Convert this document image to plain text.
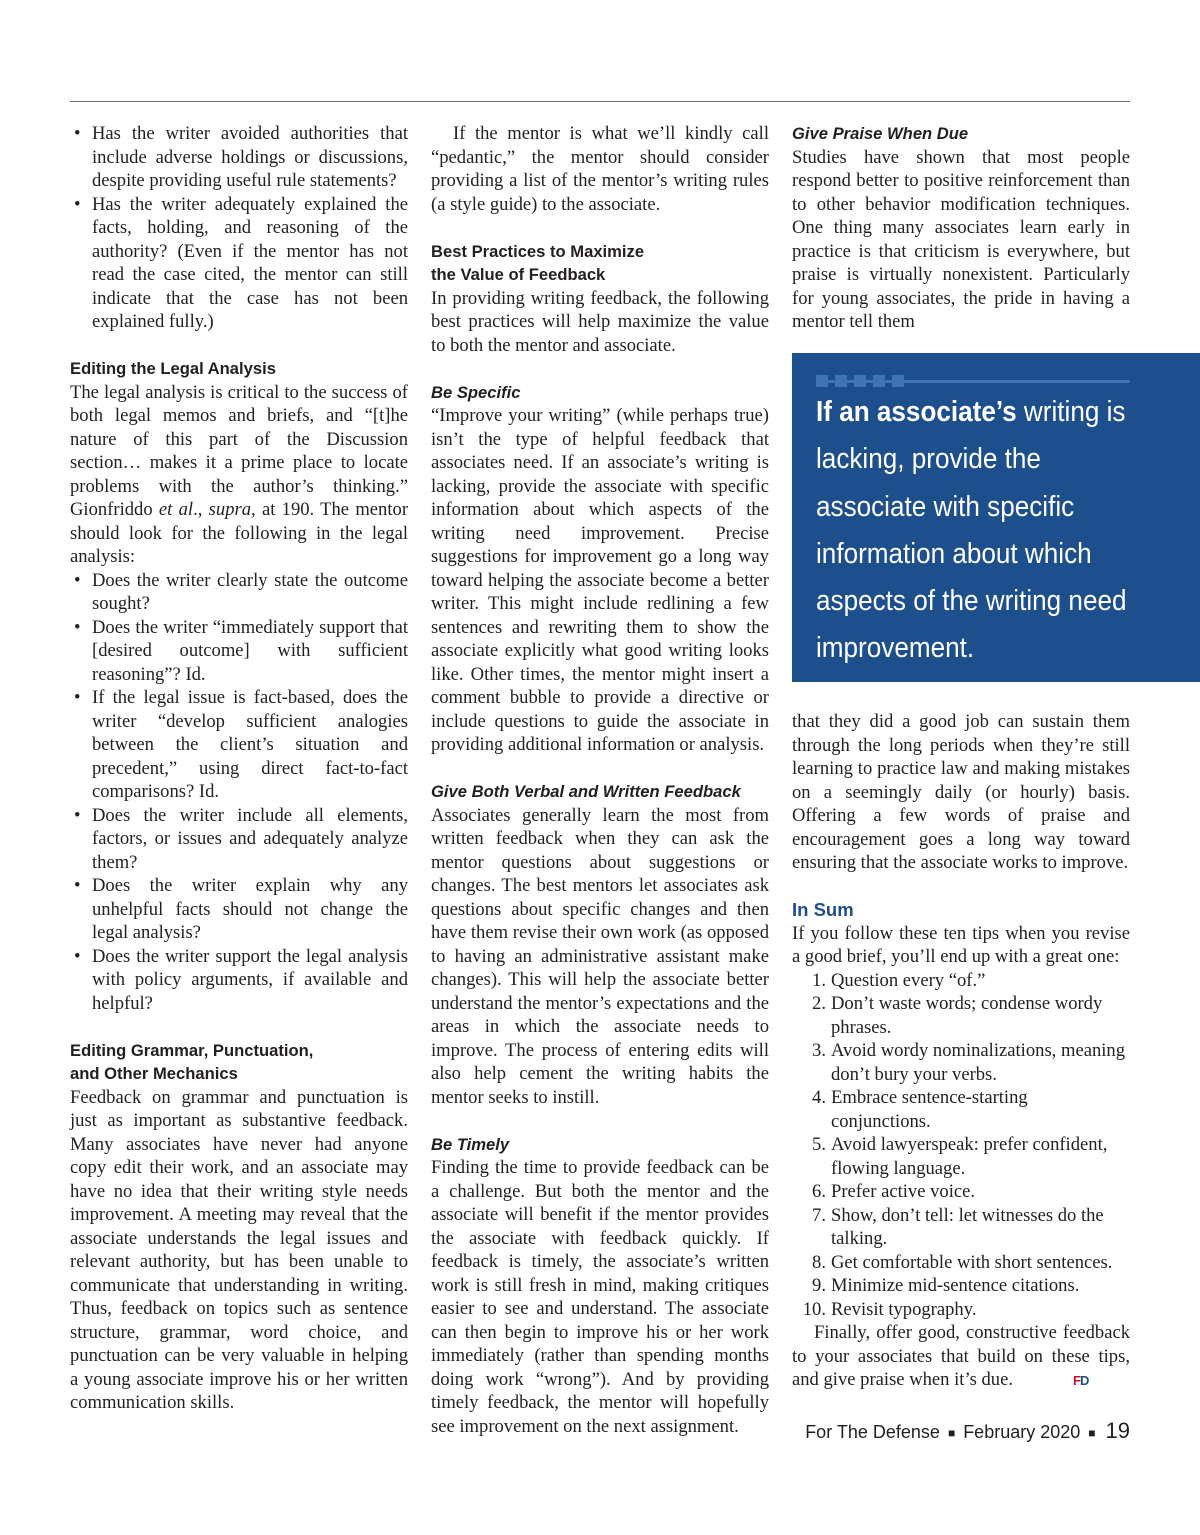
• Has the writer avoided authorities that include adverse holdings or discussions, despite providing useful rule statements?
• Has the writer adequately explained the facts, holding, and reasoning of the authority? (Even if the mentor has not read the case cited, the mentor can still indicate that the case has not been explained fully.)
Editing the Legal Analysis

The legal analysis is critical to the success of both legal memos and briefs, and “[t]he nature of this part of the Discussion section… makes it a prime place to locate problems with the author’s thinking.” Gionfriddo et al., supra, at 190. The mentor should look for the following in the legal analysis:

• Does the writer clearly state the outcome sought?
• Does the writer “immediately support that [desired outcome] with sufficient reasoning”? Id.
• If the legal issue is fact-based, does the writer “develop sufficient analogies between the client’s situation and precedent,” using direct fact-to-fact comparisons? Id.
• Does the writer include all elements, factors, or issues and adequately analyze them?
• Does the writer explain why any unhelpful facts should not change the legal analysis?
• Does the writer support the legal analysis with policy arguments, if available and helpful?
Editing Grammar, Punctuation,
and Other Mechanics

Feedback on grammar and punctuation is just as important as substantive feedback. Many associates have never had anyone copy edit their work, and an associate may have no idea that their writing style needs improvement. A meeting may reveal that the associate understands the legal issues and relevant authority, but has been unable to communicate that understanding in writing. Thus, feedback on topics such as sentence structure, grammar, word choice, and punctuation can be very valuable in helping a young associate improve his or her written communication skills.

If the mentor is what we’ll kindly call “pedantic,” the mentor should consider providing a list of the mentor’s writing rules (a style guide) to the associate.

Best Practices to Maximize
the Value of Feedback

In providing writing feedback, the following best practices will help maximize the value to both the mentor and associate.

Be Specific

“Improve your writing” (while perhaps true) isn’t the type of helpful feedback that associates need. If an associate’s writing is lacking, provide the associate with specific information about which aspects of the writing need improvement. Precise suggestions for improvement go a long way toward helping the associate become a better writer. This might include redlining a few sentences and rewriting them to show the associate explicitly what good writing looks like. Other times, the mentor might insert a comment bubble to provide a directive or include questions to guide the associate in providing additional information or analysis.

Give Both Verbal and Written Feedback

Associates generally learn the most from written feedback when they can ask the mentor questions about suggestions or changes. The best mentors let associates ask questions about specific changes and then have them revise their own work (as opposed to having an administrative assistant make changes). This will help the associate better understand the mentor’s expectations and the areas in which the associate needs to improve. The process of entering edits will also help cement the writing habits the mentor seeks to instill.

Be Timely

Finding the time to provide feedback can be a challenge. But both the mentor and the associate will benefit if the mentor provides the associate with feedback quickly. If feedback is timely, the associate’s written work is still fresh in mind, making critiques easier to see and understand. The associate can then begin to improve his or her work immediately (rather than spending months doing work “wrong”). And by providing timely feedback, the mentor will hopefully see improvement on the next assignment.

Give Praise When Due

Studies have shown that most people respond better to positive reinforcement than to other behavior modification techniques. One thing many associates learn early in practice is that criticism is everywhere, but praise is virtually nonexistent. Particularly for young associates, the pride in having a mentor tell them

If an associate’s writing is lacking, provide the associate with specific information about which aspects of the writing need improvement.

that they did a good job can sustain them through the long periods when they’re still learning to practice law and making mistakes on a seemingly daily (or hourly) basis. Offering a few words of praise and encouragement goes a long way toward ensuring that the associate works to improve.

In Sum

If you follow these ten tips when you revise a good brief, you’ll end up with a great one:

1. Question every “of.”
2. Don’t waste words; condense wordy phrases.
3. Avoid wordy nominalizations, meaning don’t bury your verbs.
4. Embrace sentence-starting conjunctions.
5. Avoid lawyerspeak: prefer confident, flowing language.
6. Prefer active voice.
7. Show, don’t tell: let witnesses do the talking.
8. Get comfortable with short sentences.
9. Minimize mid-sentence citations.
10. Revisit typography.

Finally, offer good, constructive feedback to your associates that build on these tips, and give praise when it’s due.	FD

For The Defense ■ February 2020 ■ 19
